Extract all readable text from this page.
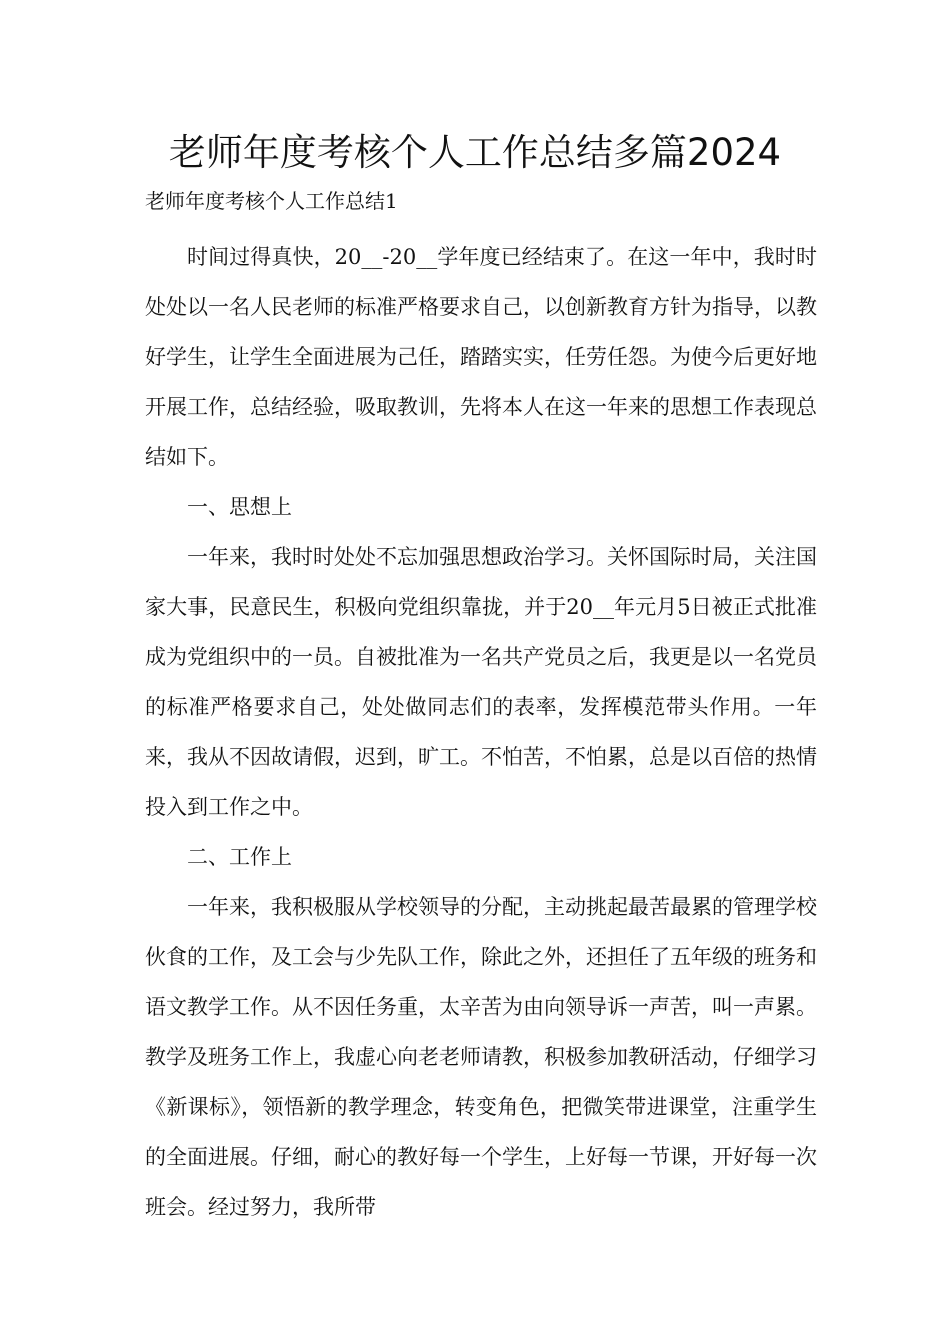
老师年度考核个人工作总结多篇2024
老师年度考核个人工作总结1

时间过得真快，20__-20__学年度已经结束了。在这一年中，我时时处处以一名人民老师的标准严格要求自己，以创新教育方针为指导，以教好学生，让学生全面进展为己任，踏踏实实，任劳任怨。为使今后更好地开展工作，总结经验，吸取教训，先将本人在这一年来的思想工作表现总结如下。

一、思想上

一年来，我时时处处不忘加强思想政治学习。关怀国际时局，关注国家大事，民意民生，积极向党组织靠拢，并于20__年元月5日被正式批准成为党组织中的一员。自被批准为一名共产党员之后，我更是以一名党员的标准严格要求自己，处处做同志们的表率，发挥模范带头作用。一年来，我从不因故请假，迟到，旷工。不怕苦，不怕累，总是以百倍的热情投入到工作之中。

二、工作上

一年来，我积极服从学校领导的分配，主动挑起最苦最累的管理学校伙食的工作，及工会与少先队工作，除此之外，还担任了五年级的班务和语文教学工作。从不因任务重，太辛苦为由向领导诉一声苦，叫一声累。教学及班务工作上，我虚心向老老师请教，积极参加教研活动，仔细学习《新课标》，领悟新的教学理念，转变角色，把微笑带进课堂，注重学生的全面进展。仔细，耐心的教好每一个学生，上好每一节课，开好每一次班会。经过努力，我所带
